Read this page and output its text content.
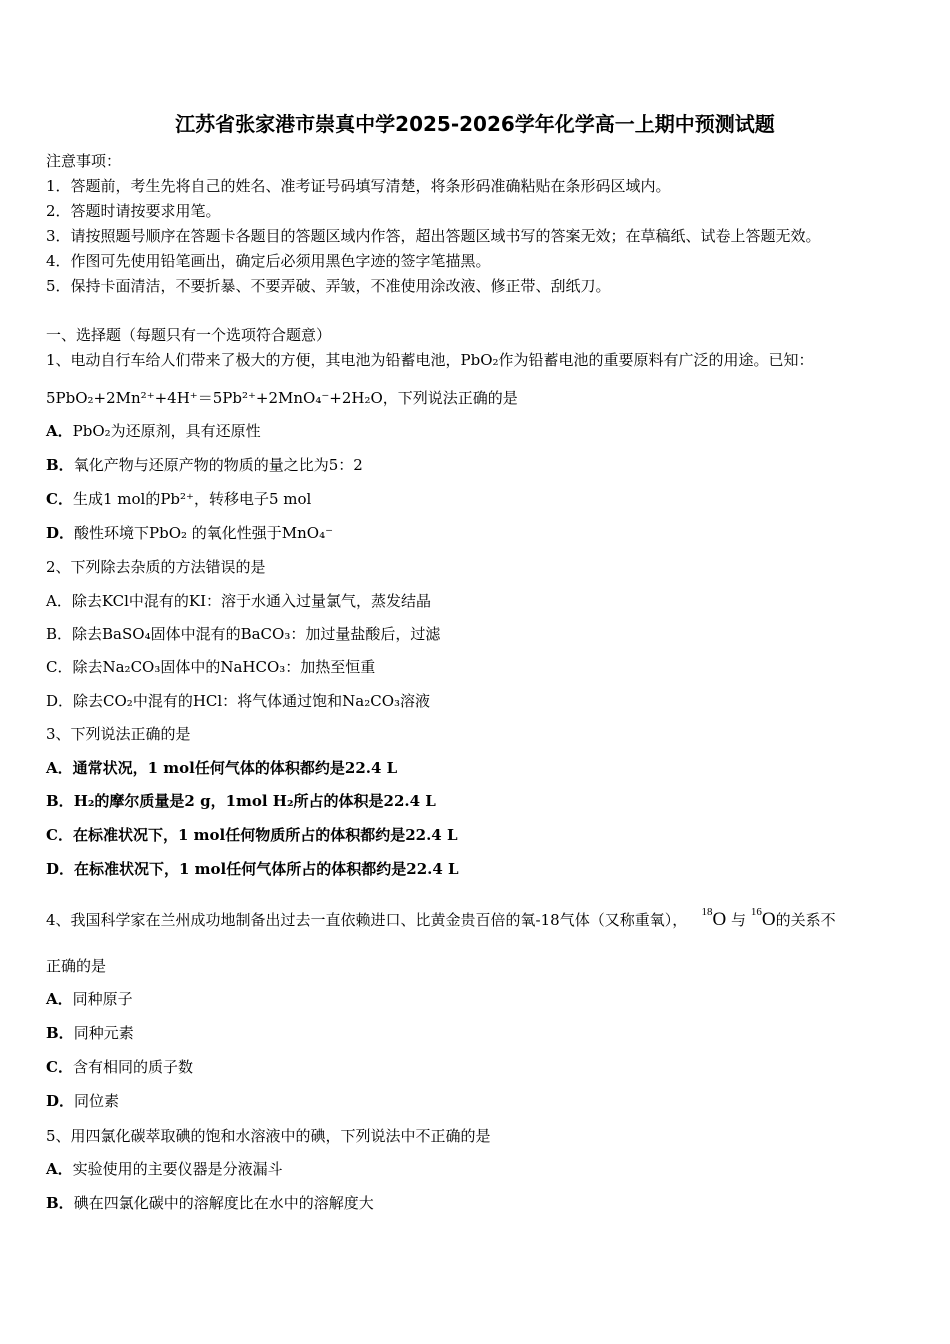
江苏省张家港市崇真中学2025-2026学年化学高一上期中预测试题
注意事项：
1．答题前，考生先将自己的姓名、准考证号码填写清楚，将条形码准确粘贴在条形码区域内。
2．答题时请按要求用笔。
3．请按照题号顺序在答题卡各题目的答题区域内作答，超出答题区域书写的答案无效；在草稿纸、试卷上答题无效。
4．作图可先使用铅笔画出，确定后必须用黑色字迹的签字笔描黑。
5．保持卡面清洁，不要折暴、不要弄破、弄皱，不准使用涂改液、修正带、刮纸刀。
一、选择题（每题只有一个选项符合题意）
1、电动自行车给人们带来了极大的方便，其电池为铅蓄电池，PbO₂作为铅蓄电池的重要原料有广泛的用途。已知：
5PbO₂+2Mn²⁺+4H⁺＝5Pb²⁺+2MnO₄⁻+2H₂O，下列说法正确的是
A．PbO₂为还原剂，具有还原性
B．氧化产物与还原产物的物质的量之比为5：2
C．生成1 mol的Pb²⁺，转移电子5 mol
D．酸性环境下PbO₂ 的氧化性强于MnO₄⁻
2、下列除去杂质的方法错误的是
A．除去KCl中混有的KI：溶于水通入过量氯气，蒸发结晶
B．除去BaSO₄固体中混有的BaCO₃：加过量盐酸后，过滤
C．除去Na₂CO₃固体中的NaHCO₃：加热至恒重
D．除去CO₂中混有的HCl：将气体通过饱和Na₂CO₃溶液
3、下列说法正确的是
A．通常状况，1 mol任何气体的体积都约是22.4 L
B．H₂的摩尔质量是2 g，1mol H₂所占的体积是22.4 L
C．在标准状况下，1 mol任何物质所占的体积都约是22.4 L
D．在标准状况下，1 mol任何气体所占的体积都约是22.4 L
4、我国科学家在兰州成功地制备出过去一直依赖进口、比黄金贵百倍的氧-18气体（又称重氧）， $^{18}$O 与 $^{16}$O的关系不
正确的是
A．同种原子
B．同种元素
C．含有相同的质子数
D．同位素
5、用四氯化碳萃取碘的饱和水溶液中的碘，下列说法中不正确的是
A．实验使用的主要仪器是分液漏斗
B．碘在四氯化碳中的溶解度比在水中的溶解度大
